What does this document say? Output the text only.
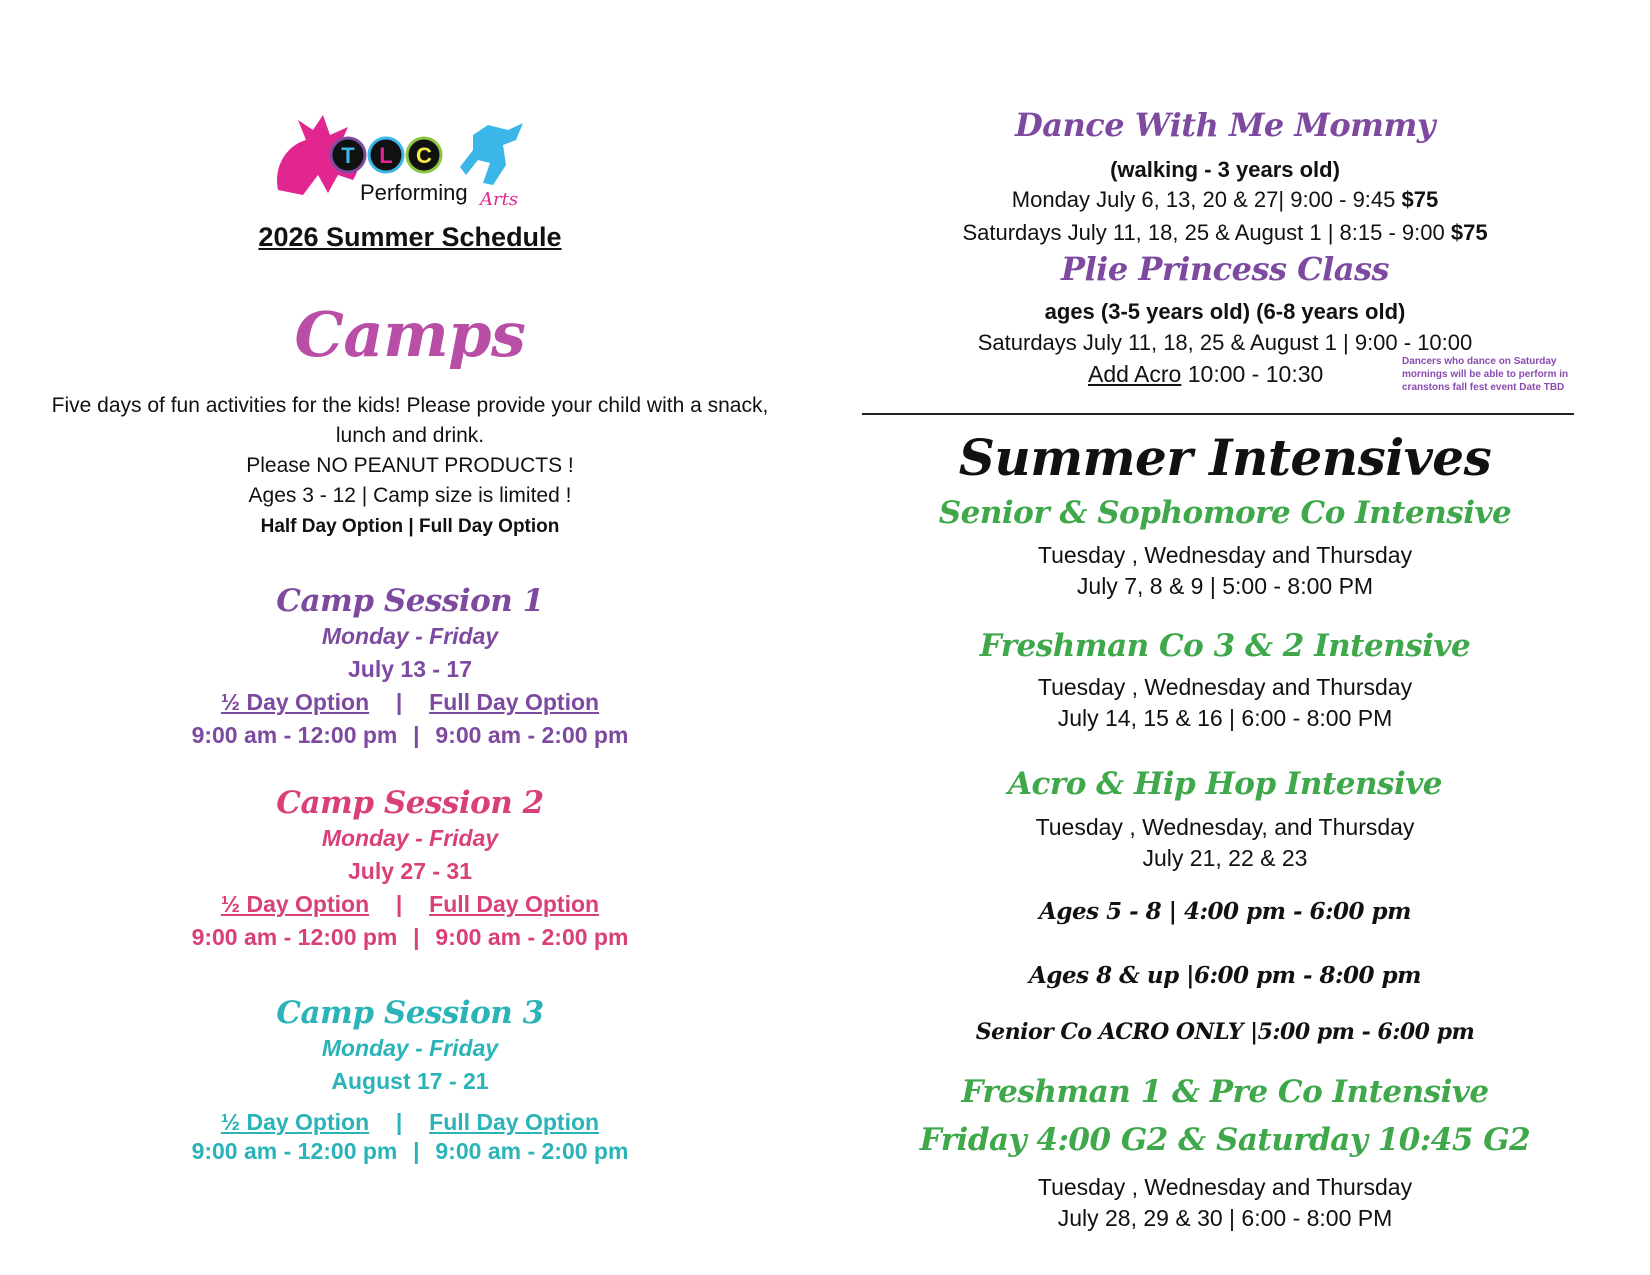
T L C
Performing Arts
2026 Summer Schedule
Camps
Five days of fun activities for the kids! Please provide your child with a snack, lunch and drink.
Please NO PEANUT PRODUCTS !
Ages 3 - 12 | Camp size is limited !
Half Day Option | Full Day Option
Camp Session 1
Monday - Friday
July 13 - 17
½ Day Option | Full Day Option
9:00 am - 12:00 pm | 9:00 am - 2:00 pm
Camp Session 2
Monday - Friday
July 27 - 31
½ Day Option | Full Day Option
9:00 am - 12:00 pm | 9:00 am - 2:00 pm
Camp Session 3
Monday - Friday
August 17 - 21
½ Day Option | Full Day Option
9:00 am - 12:00 pm | 9:00 am - 2:00 pm
Dance With Me Mommy
(walking - 3 years old)
Monday July 6, 13, 20 & 27| 9:00 - 9:45 $75
Saturdays July 11, 18, 25 & August 1 | 8:15 - 9:00 $75
Plie Princess Class
ages (3-5 years old) (6-8 years old)
Saturdays July 11, 18, 25 & August 1 | 9:00 - 10:00
Add Acro 10:00 - 10:30	Dancers who dance on Saturday mornings will be able to perform in cranstons fall fest event Date TBD
Summer Intensives
Senior & Sophomore Co Intensive
Tuesday , Wednesday and Thursday
July 7, 8 & 9 | 5:00 - 8:00 PM
Freshman Co 3 & 2 Intensive
Tuesday , Wednesday and Thursday
July 14, 15 & 16 | 6:00 - 8:00 PM
Acro & Hip Hop Intensive
Tuesday , Wednesday, and Thursday
July 21, 22 & 23
Ages 5 - 8 | 4:00 pm - 6:00 pm
Ages 8 & up |6:00 pm - 8:00 pm
Senior Co ACRO ONLY |5:00 pm - 6:00 pm
Freshman 1 & Pre Co Intensive
Friday 4:00 G2 & Saturday 10:45 G2
Tuesday , Wednesday and Thursday
July 28, 29 & 30 | 6:00 - 8:00 PM
